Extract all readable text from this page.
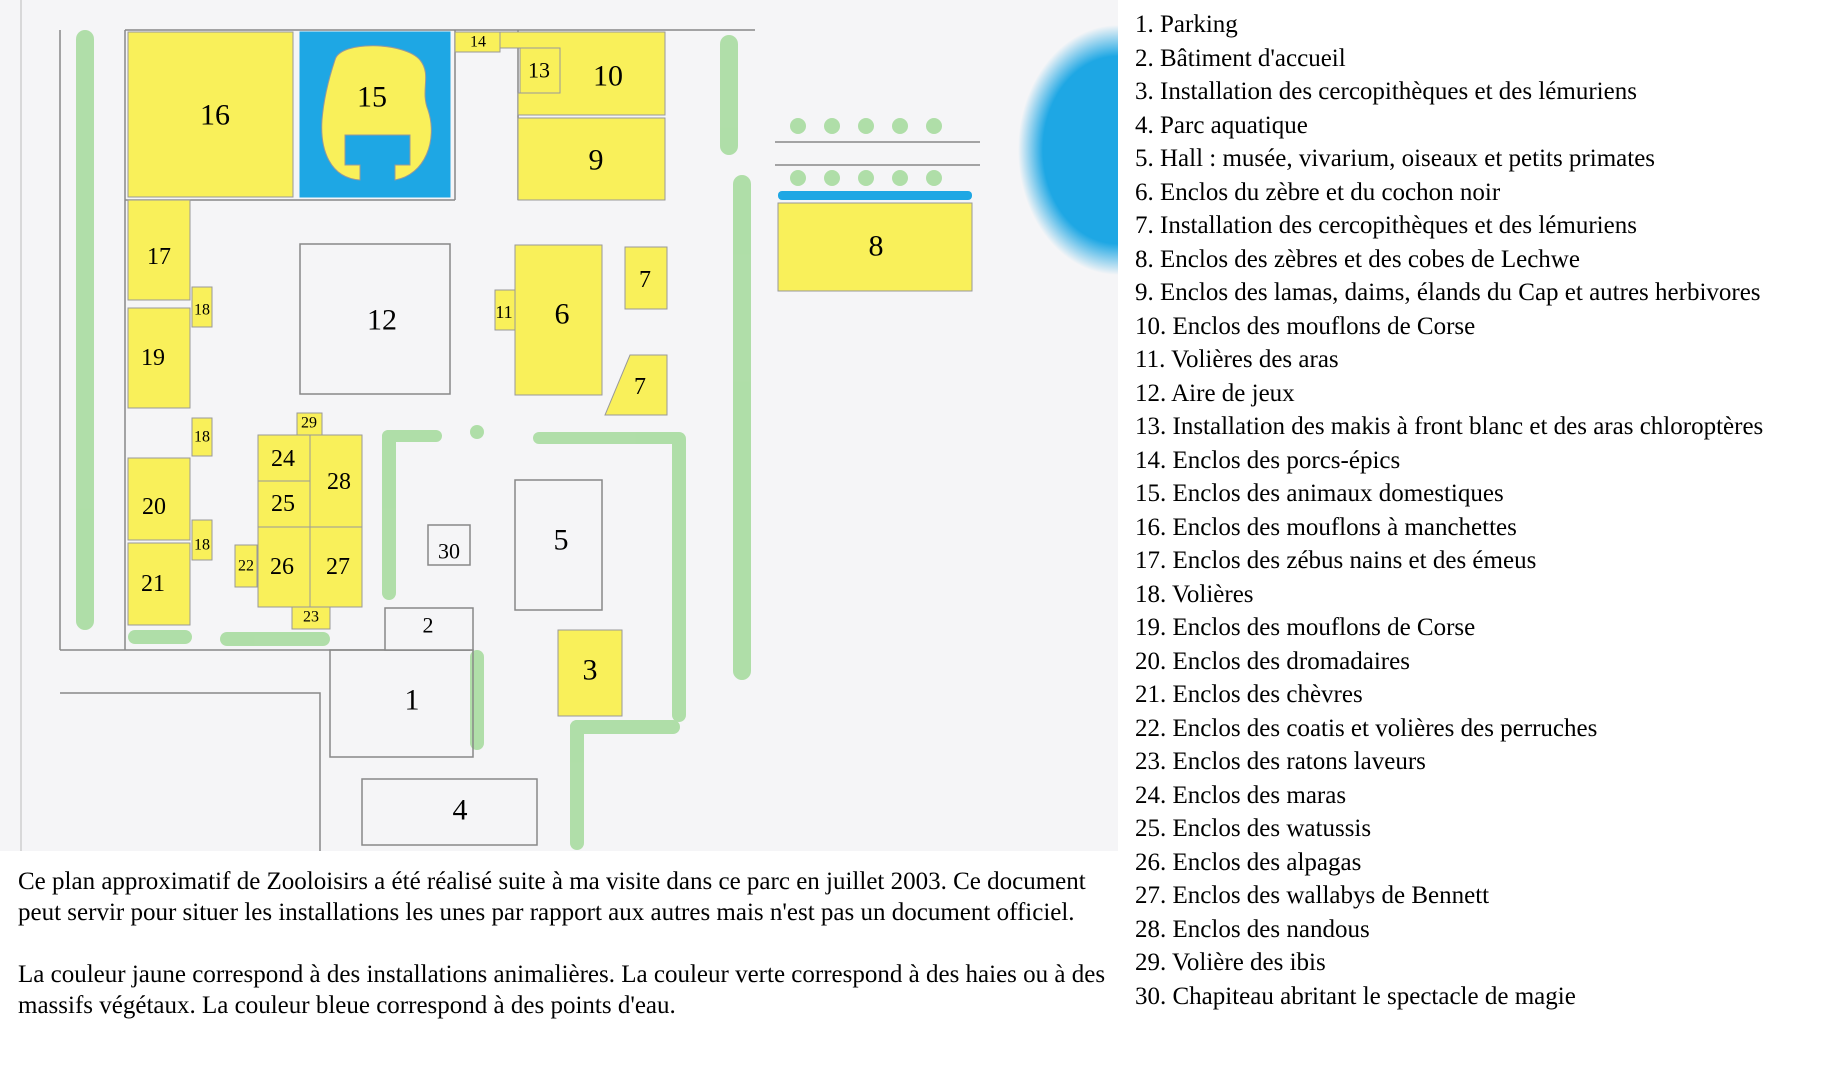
1
2
3
4
5
6
7
7
8
9
10
11
12
13
14
15
16
17
18
18
18
19
20
21
22
23
24
25
26 27
28
29
30
1. Parking
2. Bâtiment d'accueil
3. Installation des cercopithèques et des lémuriens
4. Parc aquatique
5. Hall : musée, vivarium, oiseaux et petits primates
6. Enclos du zèbre et du cochon noir
7. Installation des cercopithèques et des lémuriens
8. Enclos des zèbres et des cobes de Lechwe
9. Enclos des lamas, daims, élands du Cap et autres herbivores
10. Enclos des mouflons de Corse
11. Volières des aras
12. Aire de jeux
13. Installation des makis à front blanc et des aras chloroptères
14. Enclos des porcs-épics
15. Enclos des animaux domestiques
16. Enclos des mouflons à manchettes
17. Enclos des zébus nains et des émeus
18. Volières
19. Enclos des mouflons de Corse
20. Enclos des dromadaires
21. Enclos des chèvres
22. Enclos des coatis et volières des perruches
23. Enclos des ratons laveurs
24. Enclos des maras
25. Enclos des watussis
26. Enclos des alpagas
27. Enclos des wallabys de Bennett
28. Enclos des nandous
29. Volière des ibis
30. Chapiteau abritant le spectacle de magie

Ce plan approximatif de Zooloisirs a été réalisé suite à ma visite dans ce parc en juillet 2003. Ce document peut servir pour situer les installations les unes par rapport aux autres mais n'est pas un document officiel.

La couleur jaune correspond à des installations animalières. La couleur verte correspond à des haies ou à des massifs végétaux. La couleur bleue correspond à des points d'eau.
